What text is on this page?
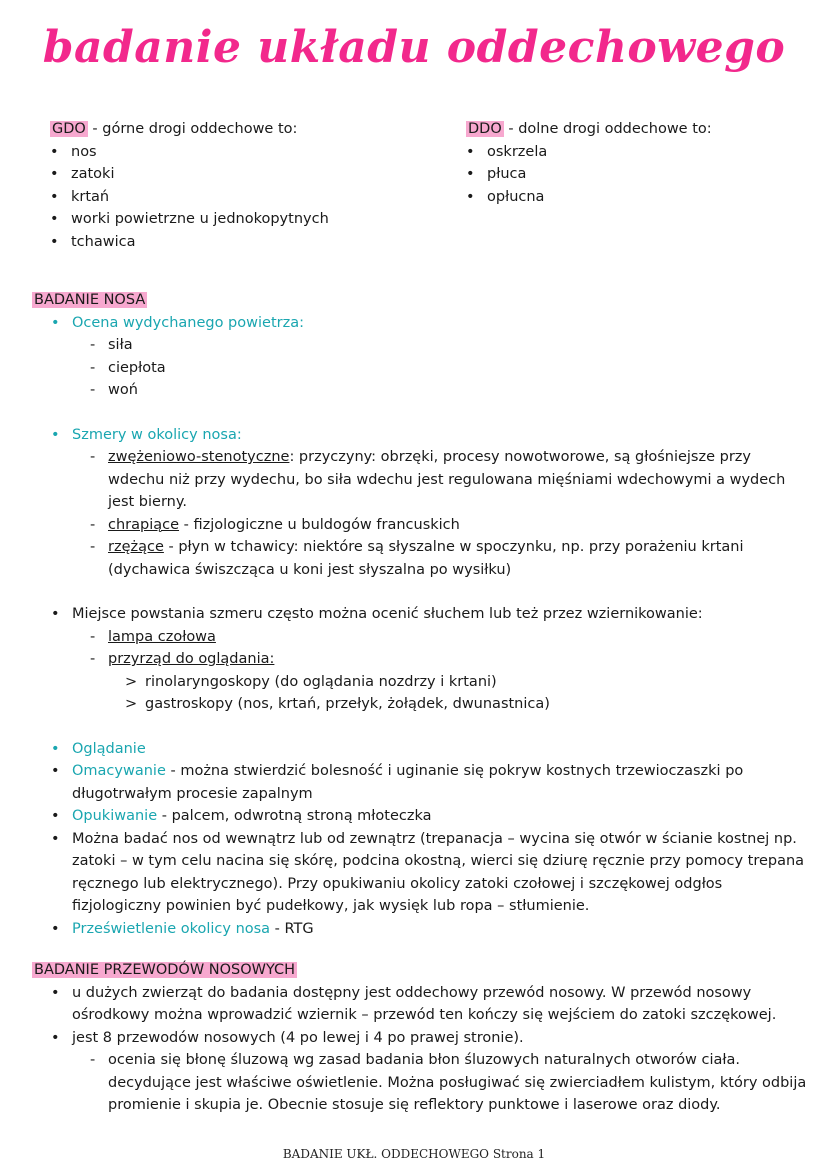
badanie układu oddechowego
GDO - górne drogi oddechowe to:
• nos
• zatoki
• krtań
• worki powietrzne u jednokopytnych
• tchawica
DDO - dolne drogi oddechowe to:
• oskrzela
• płuca
• opłucna
BADANIE NOSA
• Ocena wydychanego powietrza:
- siła
- ciepłota
- woń
• Szmery w okolicy nosa:
- zwężeniowo-stenotyczne: przyczyny: obrzęki, procesy nowotworowe, są głośniejsze przy wdechu niż przy wydechu, bo siła wdechu jest regulowana mięśniami wdechowymi a wydech jest bierny.
- chrapiące - fizjologiczne u buldogów francuskich
- rzężące - płyn w tchawicy: niektóre są słyszalne w spoczynku, np. przy porażeniu krtani (dychawica świszcząca u koni jest słyszalna po wysiłku)
• Miejsce powstania szmeru często można ocenić słuchem lub też przez wziernikowanie:
- lampa czołowa
- przyrząd do oglądania:
> rinolaryngoskopy (do oglądania nozdrzy i krtani)
> gastroskopy (nos, krtań, przełyk, żołądek, dwunastnica)
• Oglądanie
• Omacywanie - można stwierdzić bolesność i uginanie się pokryw kostnych trzewioczaszki po długotrwałym procesie zapalnym
• Opukiwanie - palcem, odwrotną stroną młoteczka
• Można badać nos od wewnątrz lub od zewnątrz (trepanacja – wycina się otwór w ścianie kostnej np. zatoki – w tym celu nacina się skórę, podcina okostną, wierci się dziurę ręcznie przy pomocy trepana ręcznego lub elektrycznego). Przy opukiwaniu okolicy zatoki czołowej i szczękowej odgłos fizjologiczny powinien być pudełkowy, jak wysięk lub ropa – stłumienie.
• Prześwietlenie okolicy nosa - RTG
BADANIE PRZEWODÓW NOSOWYCH
• u dużych zwierząt do badania dostępny jest oddechowy przewód nosowy. W przewód nosowy ośrodkowy można wprowadzić wziernik – przewód ten kończy się wejściem do zatoki szczękowej.
• jest 8 przewodów nosowych (4 po lewej i 4 po prawej stronie).
- ocenia się błonę śluzową wg zasad badania błon śluzowych naturalnych otworów ciała. decydujące jest właściwe oświetlenie. Można posługiwać się zwierciadłem kulistym, który odbija promienie i skupia je. Obecnie stosuje się reflektory punktowe i laserowe oraz diody.
BADANIE UKŁ. ODDECHOWEGO Strona 1
